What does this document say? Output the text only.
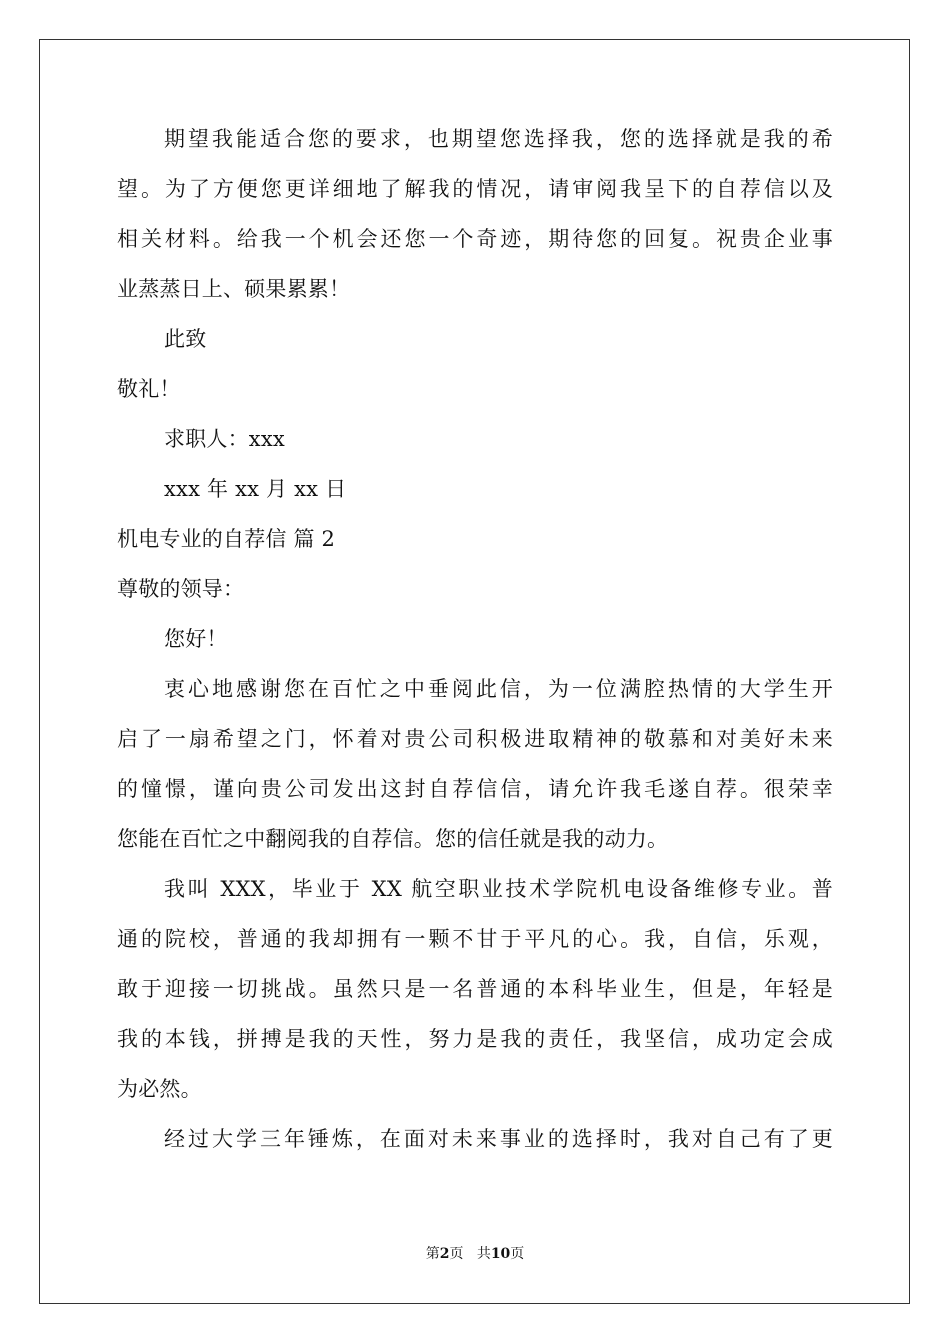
期望我能适合您的要求，也期望您选择我，您的选择就是我的希
望。为了方便您更详细地了解我的情况，请审阅我呈下的自荐信以及
相关材料。给我一个机会还您一个奇迹，期待您的回复。祝贵企业事
业蒸蒸日上、硕果累累！
此致
敬礼！
求职人：xxx
xxx 年 xx 月 xx 日
机电专业的自荐信 篇 2
尊敬的领导：
您好！
衷心地感谢您在百忙之中垂阅此信，为一位满腔热情的大学生开
启了一扇希望之门，怀着对贵公司积极进取精神的敬慕和对美好未来
的憧憬，谨向贵公司发出这封自荐信信，请允许我毛遂自荐。很荣幸
您能在百忙之中翻阅我的自荐信。您的信任就是我的动力。
我叫 XXX，毕业于 XX 航空职业技术学院机电设备维修专业。普
通的院校，普通的我却拥有一颗不甘于平凡的心。我，自信，乐观，
敢于迎接一切挑战。虽然只是一名普通的本科毕业生，但是，年轻是
我的本钱，拼搏是我的天性，努力是我的责任，我坚信，成功定会成
为必然。
经过大学三年锤炼，在面对未来事业的选择时，我对自己有了更
第2页 共10页
